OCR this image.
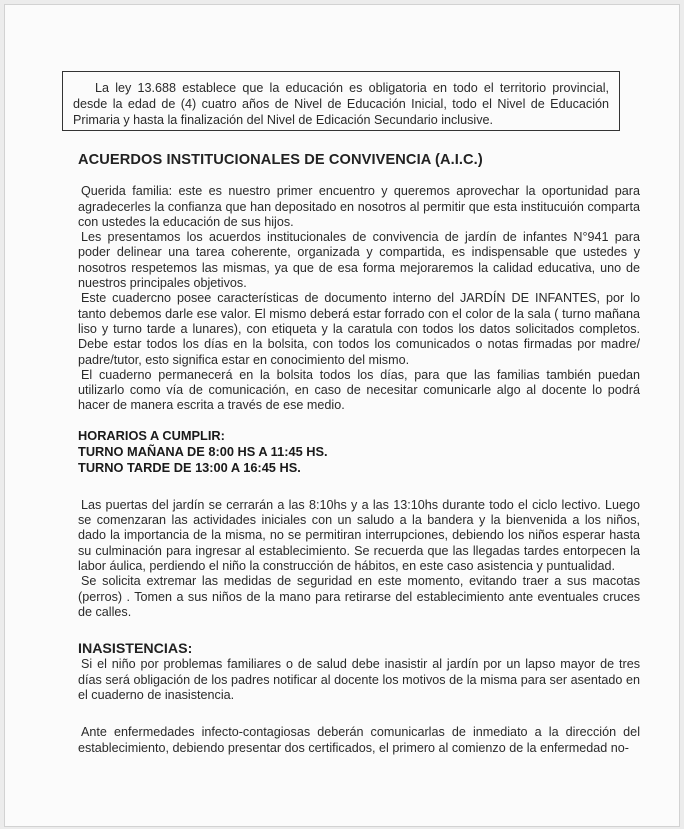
La ley 13.688 establece que la educación es obligatoria en todo el territorio provincial, desde la edad de (4) cuatro años de Nivel de Educación Inicial, todo el Nivel de Educación Primaria y hasta la finalización del Nivel de Edicación Secundario inclusive.
ACUERDOS INSTITUCIONALES DE CONVIVENCIA (A.I.C.)

Querida familia: este es nuestro primer encuentro y queremos aprovechar la oportunidad para agradecerles la confianza que han depositado en nosotros al permitir que esta institucuión comparta con ustedes la educación de sus hijos.

Les presentamos los acuerdos institucionales de convivencia de jardín de infantes N°941 para poder delinear una tarea coherente, organizada y compartida, es indispensable que ustedes y nosotros respetemos las mismas, ya que de esa forma mejoraremos la calidad educativa, uno de nuestros principales objetivos.

Este cuadercno posee características de documento interno del JARDÍN DE INFANTES, por lo tanto debemos darle ese valor. El mismo deberá estar forrado con el color de la sala ( turno mañana liso y turno tarde a lunares), con etiqueta y la caratula con todos los datos solicitados completos. Debe estar todos los días en la bolsita, con todos los comunicados o notas firmadas por madre/ padre/tutor, esto significa estar en conocimiento del mismo.

El cuaderno permanecerá en la bolsita todos los días, para que las familias también puedan utilizarlo como vía de comunicación, en caso de necesitar comunicarle algo al docente lo podrá hacer de manera escrita a través de ese medio.

HORARIOS A CUMPLIR:
TURNO MAÑANA DE 8:00 HS A 11:45 HS.
TURNO TARDE DE 13:00 A 16:45 HS.

Las puertas del jardín se cerrarán a las 8:10hs y a las 13:10hs durante todo el ciclo lectivo. Luego se comenzaran las actividades iniciales con un saludo a la bandera y la bienvenida a los niños, dado la importancia de la misma, no se permitiran interrupciones, debiendo los niños esperar hasta su culminación para ingresar al establecimiento. Se recuerda que las llegadas tardes entorpecen la labor áulica, perdiendo el niño la construcción de hábitos, en este caso asistencia y puntualidad.

Se solicita extremar las medidas de seguridad en este momento, evitando traer a sus macotas (perros) . Tomen a sus niños de la mano para retirarse del establecimiento ante eventuales cruces de calles.

INASISTENCIAS:

Si el niño por problemas familiares o de salud debe inasistir al jardín por un lapso mayor de tres días será obligación de los padres notificar al docente los motivos de la misma para ser asentado en el cuaderno de inasistencia.

Ante enfermedades infecto-contagiosas deberán comunicarlas de inmediato a la dirección del establecimiento, debiendo presentar dos certificados, el primero al comienzo de la enfermedad no-
